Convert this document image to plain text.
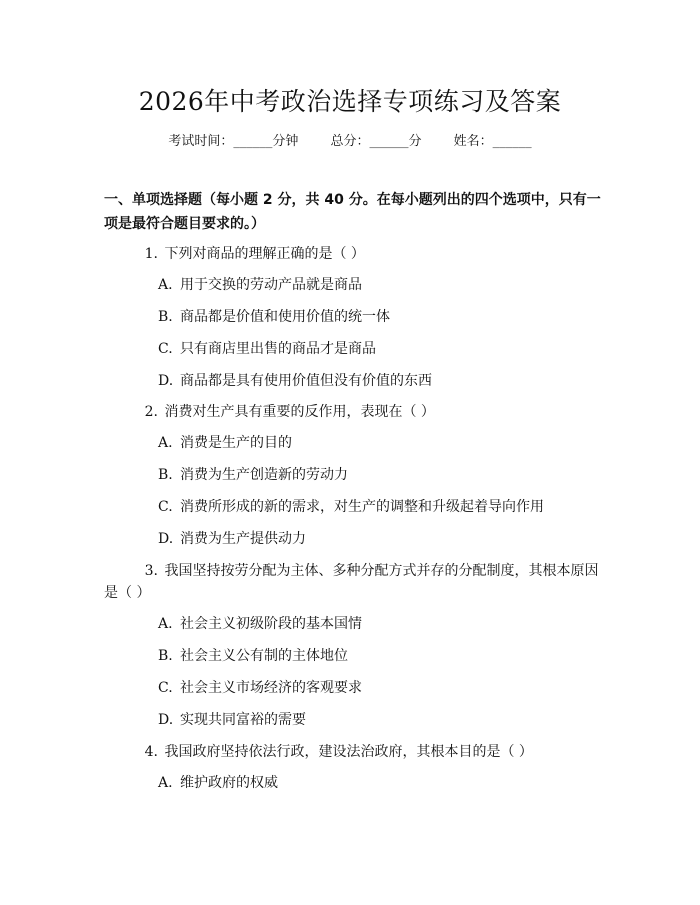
2026年中考政治选择专项练习及答案
考试时间：______分钟 总分：______分 姓名：______
一、单项选择题（每小题 2 分，共 40 分。在每小题列出的四个选项中，只有一项是最符合题目要求的。）
1. 下列对商品的理解正确的是（ ）
A. 用于交换的劳动产品就是商品
B. 商品都是价值和使用价值的统一体
C. 只有商店里出售的商品才是商品
D. 商品都是具有使用价值但没有价值的东西
2. 消费对生产具有重要的反作用，表现在（ ）
A. 消费是生产的目的
B. 消费为生产创造新的劳动力
C. 消费所形成的新的需求，对生产的调整和升级起着导向作用
D. 消费为生产提供动力
3. 我国坚持按劳分配为主体、多种分配方式并存的分配制度，其根本原因是（ ）
A. 社会主义初级阶段的基本国情
B. 社会主义公有制的主体地位
C. 社会主义市场经济的客观要求
D. 实现共同富裕的需要
4. 我国政府坚持依法行政，建设法治政府，其根本目的是（ ）
A. 维护政府的权威
